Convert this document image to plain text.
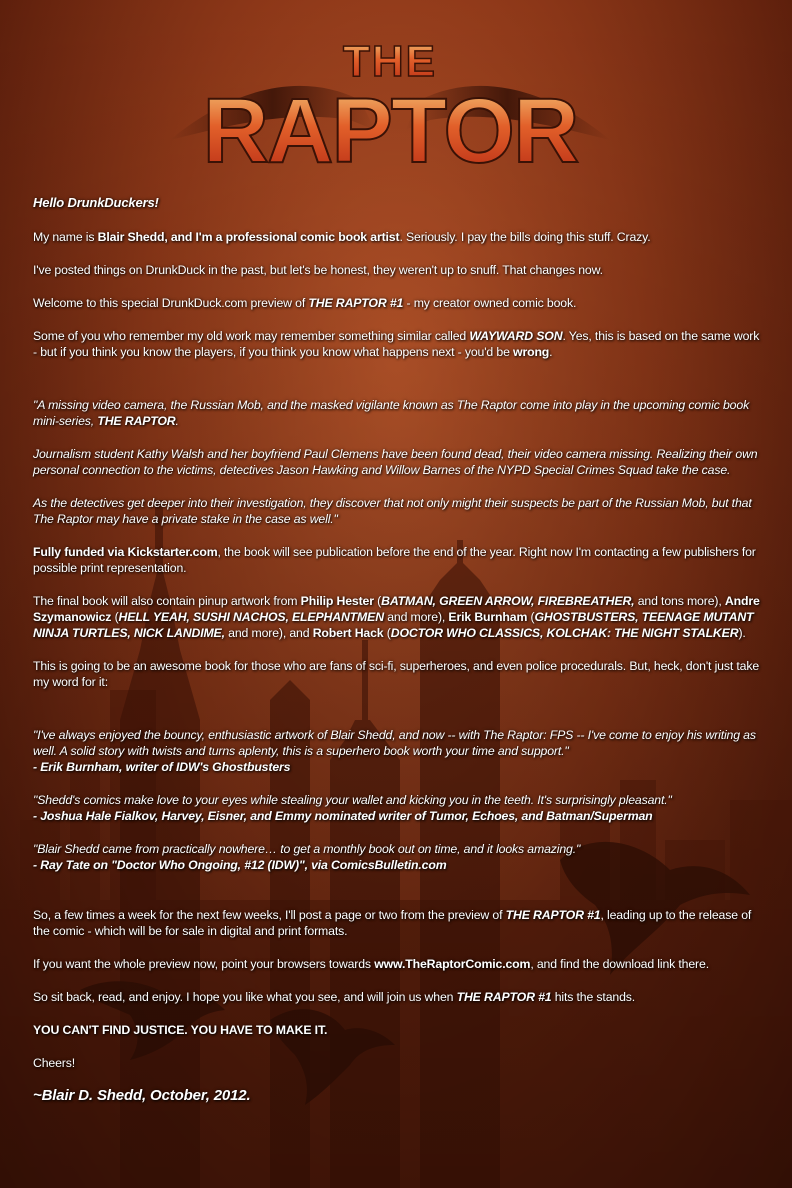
THE
RAPTOR

Hello DrunkDuckers!

My name is Blair Shedd, and I'm a professional comic book artist. Seriously. I pay the bills doing this stuff. Crazy.

I've posted things on DrunkDuck in the past, but let's be honest, they weren't up to snuff. That changes now.

Welcome to this special DrunkDuck.com preview of THE RAPTOR #1 - my creator owned comic book.

Some of you who remember my old work may remember something similar called WAYWARD SON. Yes, this is based on the same work - but if you think you know the players, if you think you know what happens next - you'd be wrong.

"A missing video camera, the Russian Mob, and the masked vigilante known as The Raptor come into play in the upcoming comic book mini-series, THE RAPTOR.

Journalism student Kathy Walsh and her boyfriend Paul Clemens have been found dead, their video camera missing. Realizing their own personal connection to the victims, detectives Jason Hawking and Willow Barnes of the NYPD Special Crimes Squad take the case.

As the detectives get deeper into their investigation, they discover that not only might their suspects be part of the Russian Mob, but that The Raptor may have a private stake in the case as well."

Fully funded via Kickstarter.com, the book will see publication before the end of the year. Right now I'm contacting a few publishers for possible print representation.

The final book will also contain pinup artwork from Philip Hester (BATMAN, GREEN ARROW, FIREBREATHER, and tons more), Andre Szymanowicz (HELL YEAH, SUSHI NACHOS, ELEPHANTMEN and more), Erik Burnham (GHOSTBUSTERS, TEENAGE MUTANT NINJA TURTLES, NICK LANDIME, and more), and Robert Hack (DOCTOR WHO CLASSICS, KOLCHAK: THE NIGHT STALKER).

This is going to be an awesome book for those who are fans of sci-fi, superheroes, and even police procedurals. But, heck, don't just take my word for it:

"I've always enjoyed the bouncy, enthusiastic artwork of Blair Shedd, and now -- with The Raptor: FPS -- I've come to enjoy his writing as well. A solid story with twists and turns aplenty, this is a superhero book worth your time and support."

- Erik Burnham, writer of IDW's Ghostbusters

"Shedd's comics make love to your eyes while stealing your wallet and kicking you in the teeth. It's surprisingly pleasant."

- Joshua Hale Fialkov, Harvey, Eisner, and Emmy nominated writer of Tumor, Echoes, and Batman/Superman

"Blair Shedd came from practically nowhere… to get a monthly book out on time, and it looks amazing."

- Ray Tate on "Doctor Who Ongoing, #12 (IDW)", via ComicsBulletin.com

So, a few times a week for the next few weeks, I'll post a page or two from the preview of THE RAPTOR #1, leading up to the release of the comic - which will be for sale in digital and print formats.

If you want the whole preview now, point your browsers towards www.TheRaptorComic.com, and find the download link there.

So sit back, read, and enjoy. I hope you like what you see, and will join us when THE RAPTOR #1 hits the stands.

YOU CAN'T FIND JUSTICE. YOU HAVE TO MAKE IT.

Cheers!

~Blair D. Shedd, October, 2012.
